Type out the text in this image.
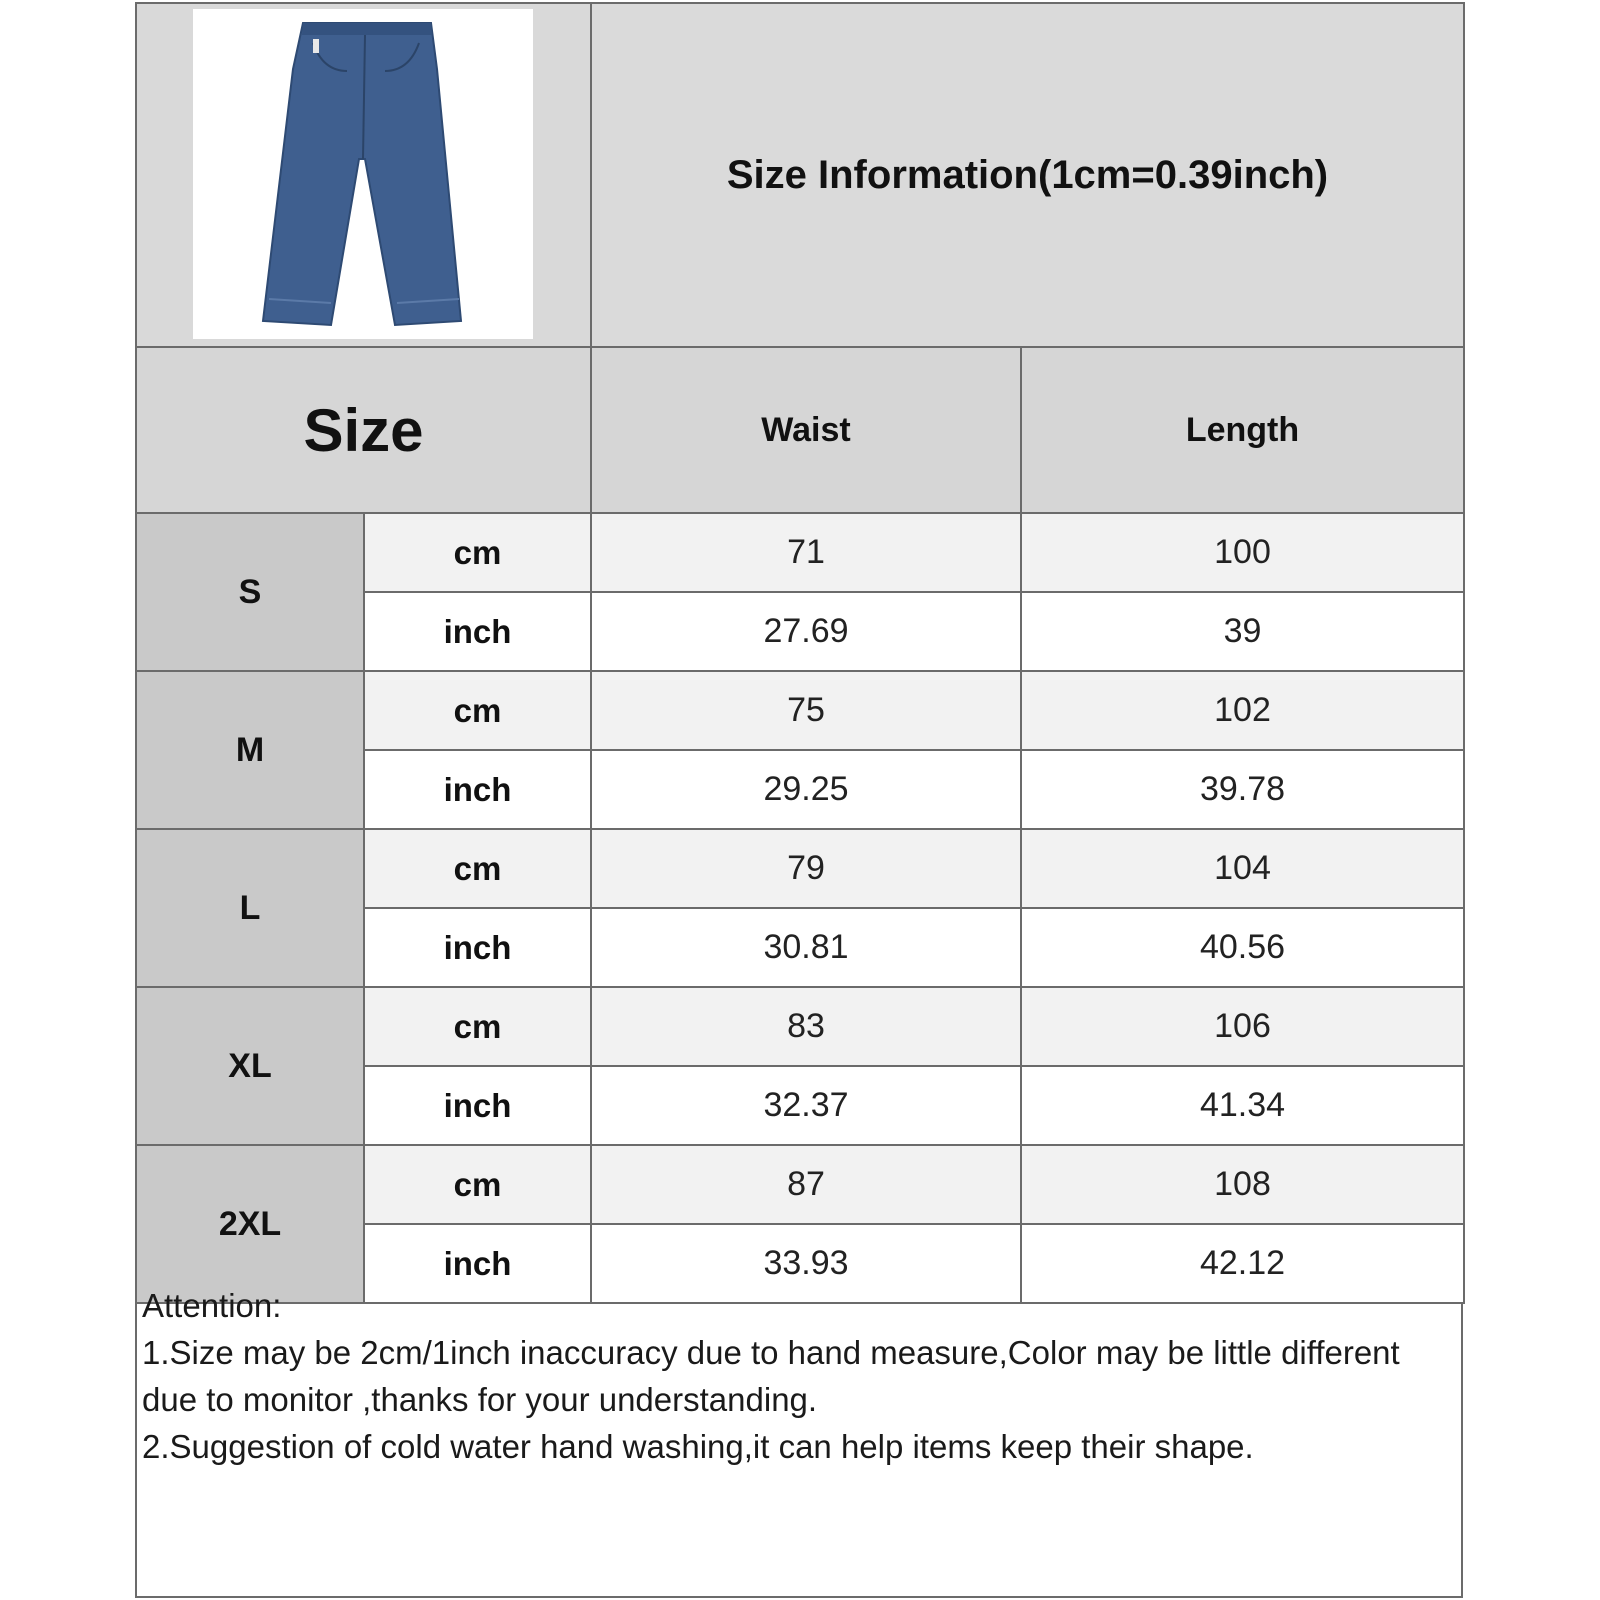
	Size Information(1cm=0.39inch)	
Size		Waist	Length
S	cm	71	100
	inch	27.69	39
M	cm	75	102
	inch	29.25	39.78
L	cm	79	104
	inch	30.81	40.56
XL	cm	83	106
	inch	32.37	41.34
2XL	cm	87	108
	inch	33.93	42.12
Attention:
1.Size may be 2cm/1inch inaccuracy due to hand measure,Color may be little different due to monitor ,thanks for your understanding.
2.Suggestion of cold water hand washing,it can help items keep their shape.
